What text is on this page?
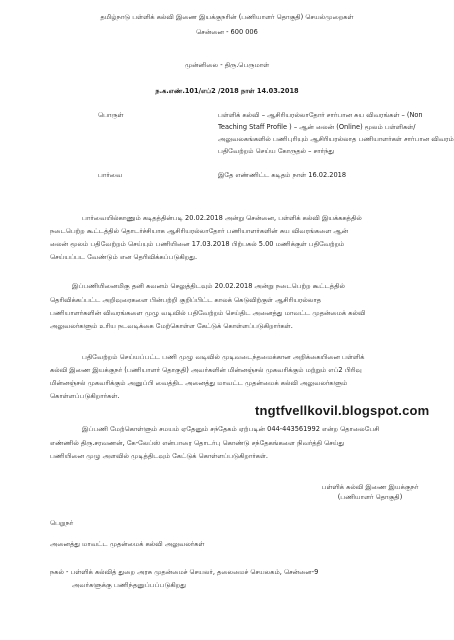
தமிழ்நாடு பள்ளிக் கல்வி இணை இயக்குநரின் (பணியாளர் தொகுதி) செயல்முறைகள்
சென்னை - 600 006
முன்னிலை - திரு.பெருமாள்
ந.க.எண்.101/எப்2 /2018 நாள் 14.03.2018
பொருள்	பள்ளிக் கல்வி – ஆசிரியரல்லாதோர் சார்பான சுய விவரங்கள் – (Non
Teaching Staff Profile ) – ஆன் லைன் (Online) மூலம் பள்ளிகள்/
அலுவலகங்களில் பணிபுரியும் ஆசிரியரல்லாத பணியாளர்கள் சார்பான விவரம்
பதிவேற்றம் செய்ய கோருதல் – சார்ந்து
பார்வை	இதே எண்ணிட்ட கடிதம் நாள் 16.02.2018
பார்வையில்காணும் கடிதத்தின்படி 20.02.2018 அன்று சென்னை, பள்ளிக் கல்வி இயக்ககத்தில்
நடைபெற்ற கூட்டத்தில் தொடர்ச்சியாக ஆசிரியரல்லாதோர் பணியாளர்களின் சுய விவரங்களை ஆன்
லைன் மூலம் பதிவேற்றம் செய்யும் பணியினை 17.03.2018 பிற்பகல் 5.00 மணிக்குள் பதிவேற்றம்
செய்யப்பட வேண்டும் என தெரிவிக்கப்படுகிறது.
இப்பணியினைமிகு தனி கவனம் செலுத்திடவும் 20.02.2018 அன்று நடைபெற்ற கூட்டத்தில்
தெரிவிக்கப்பட்ட அறிவுரைகளை பின்பற்றி குறிப்பிட்ட காலக் கெடுவிற்குள் ஆசிரியரல்லாத
பணியாளர்களின் விவரங்களை முழு வடிவில் பதிவேற்றம் செய்திட அனைத்து மாவட்ட முதன்மைக் கல்வி
அலுவலர்களும் உரிய நடவடிக்கை மேற்கொள்ள கேட்டுக் கொள்ளப்படுகிறார்கள்.
பதிவேற்றம் செய்யப்பட்ட பணி முழு வடிவில் முடிவடைந்தமைக்கான அறிக்கையினை பள்ளிக்
கல்வி இணை இயக்குநர் (பணியாளர் தொகுதி) அவர்களின் மின்னஞ்சல் முகவரிக்கும் மற்றும் எப்2 பிரிவு
மின்னஞ்சல் முகவரிக்கும் அனுப்பி வைத்திட அனைத்து மாவட்ட முதன்மைக் கல்வி அலுவலர்களும்
கொள்ளப்படுகிறார்கள்.
tngtfvellkovil.blogspot.com
இப்பணி மேற்கொள்ளும் சமயம் ஏதேனும் சந்தேகம் ஏற்படின் 044-443561992 என்ற தொலைபேசி
எண்ணில் திரு.சரவணன், கே-லேப்ஸ் என்பாரை தொடர்பு கொண்டு சந்தேகங்களை நிவர்த்தி செய்து
பணியினை முழு அளவில் முடித்திடவும் கேட்டுக் கொள்ளப்படுகிறார்கள்.
பள்ளிக் கல்வி இணை இயக்குநர்
(பணியாளர் தொகுதி)
பெறுநர்
அனைத்து மாவட்ட முதன்மைக் கல்வி அலுவலர்கள்
நகல் - பள்ளிக் கல்வித் துறை அரசு முதன்மைச் செயலர், தலைமைச் செயலகம், சென்னை-9
அவர்களுக்கு பணிந்தனுப்பப்படுகிறது
